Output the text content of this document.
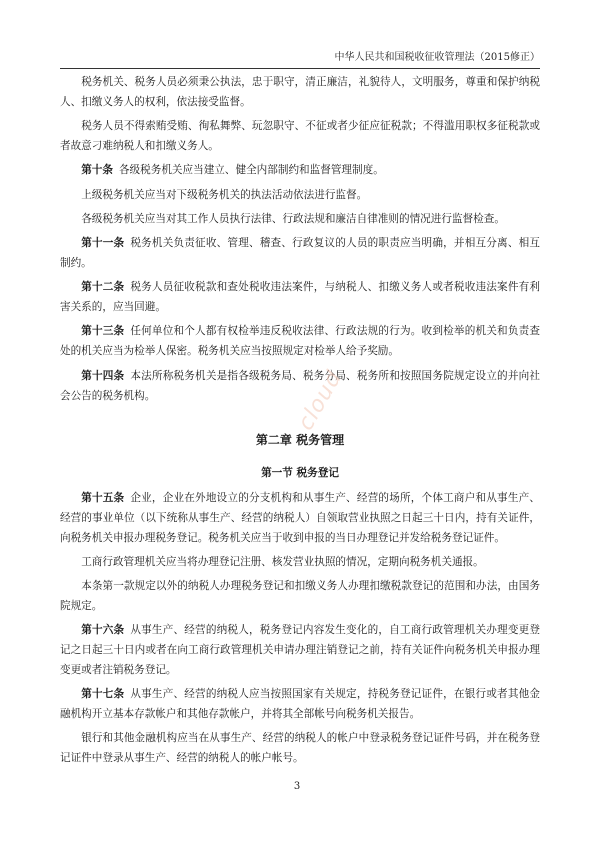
中华人民共和国税收征收管理法（2015修正）

税务机关、税务人员必须秉公执法，忠于职守，清正廉洁，礼貌待人，文明服务，尊重和保护纳税人、扣缴义务人的权利，依法接受监督。

税务人员不得索贿受贿、徇私舞弊、玩忽职守、不征或者少征应征税款；不得滥用职权多征税款或者故意刁难纳税人和扣缴义务人。

第十条 各级税务机关应当建立、健全内部制约和监督管理制度。

上级税务机关应当对下级税务机关的执法活动依法进行监督。

各级税务机关应当对其工作人员执行法律、行政法规和廉洁自律准则的情况进行监督检查。

第十一条 税务机关负责征收、管理、稽查、行政复议的人员的职责应当明确，并相互分离、相互制约。

第十二条 税务人员征收税款和查处税收违法案件，与纳税人、扣缴义务人或者税收违法案件有利害关系的，应当回避。

第十三条 任何单位和个人都有权检举违反税收法律、行政法规的行为。收到检举的机关和负责查处的机关应当为检举人保密。税务机关应当按照规定对检举人给予奖励。

第十四条 本法所称税务机关是指各级税务局、税务分局、税务所和按照国务院规定设立的并向社会公告的税务机构。

第二章 税务管理
第一节 税务登记

第十五条 企业，企业在外地设立的分支机构和从事生产、经营的场所，个体工商户和从事生产、经营的事业单位（以下统称从事生产、经营的纳税人）自领取营业执照之日起三十日内，持有关证件，向税务机关申报办理税务登记。税务机关应当于收到申报的当日办理登记并发给税务登记证件。

工商行政管理机关应当将办理登记注册、核发营业执照的情况，定期向税务机关通报。

本条第一款规定以外的纳税人办理税务登记和扣缴义务人办理扣缴税款登记的范围和办法，由国务院规定。

第十六条 从事生产、经营的纳税人，税务登记内容发生变化的，自工商行政管理机关办理变更登记之日起三十日内或者在向工商行政管理机关申请办理注销登记之前，持有关证件向税务机关申报办理变更或者注销税务登记。

第十七条 从事生产、经营的纳税人应当按照国家有关规定，持税务登记证件，在银行或者其他金融机构开立基本存款帐户和其他存款帐户，并将其全部帐号向税务机关报告。

银行和其他金融机构应当在从事生产、经营的纳税人的帐户中登录税务登记证件号码，并在税务登记证件中登录从事生产、经营的纳税人的帐户帐号。

cloud
3
